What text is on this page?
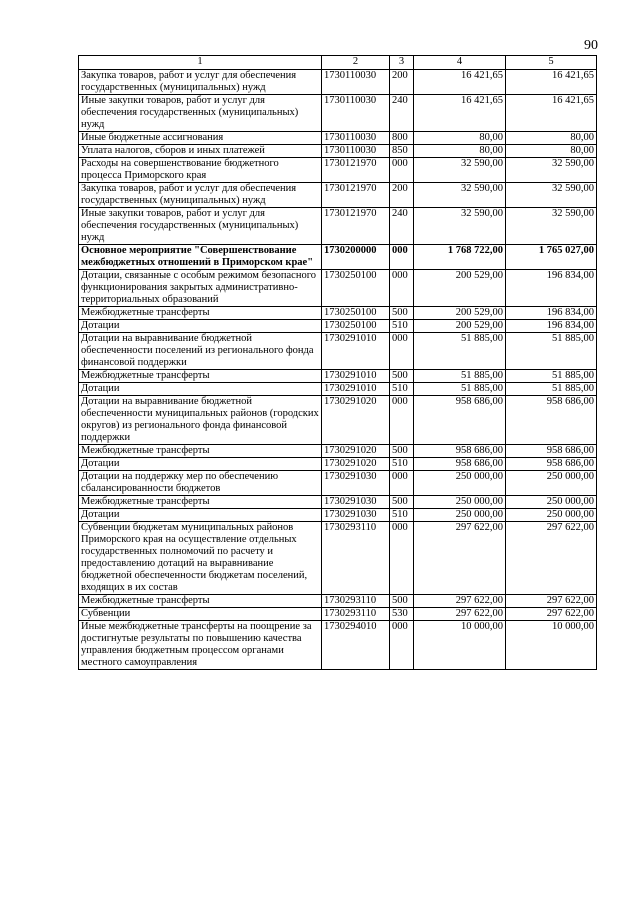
90
1	2	3	4	5
Закупка товаров, работ и услуг для обеспечения государственных (муниципальных) нужд	1730110030	200	16 421,65	16 421,65
Иные закупки товаров, работ и услуг для обеспечения государственных (муниципальных) нужд	1730110030	240	16 421,65	16 421,65
Иные бюджетные ассигнования	1730110030	800	80,00	80,00
Уплата налогов, сборов и иных платежей	1730110030	850	80,00	80,00
Расходы на совершенствование бюджетного процесса Приморского края	1730121970	000	32 590,00	32 590,00
Закупка товаров, работ и услуг для обеспечения государственных (муниципальных) нужд	1730121970	200	32 590,00	32 590,00
Иные закупки товаров, работ и услуг для обеспечения государственных (муниципальных) нужд	1730121970	240	32 590,00	32 590,00
Основное мероприятие "Совершенствование межбюджетных отношений в Приморском крае"	1730200000	000	1 768 722,00	1 765 027,00
Дотации, связанные с особым режимом безопасного функционирования закрытых административно-территориальных образований	1730250100	000	200 529,00	196 834,00
Межбюджетные трансферты	1730250100	500	200 529,00	196 834,00
Дотации	1730250100	510	200 529,00	196 834,00
Дотации на выравнивание бюджетной обеспеченности поселений из регионального фонда финансовой поддержки	1730291010	000	51 885,00	51 885,00
Межбюджетные трансферты	1730291010	500	51 885,00	51 885,00
Дотации	1730291010	510	51 885,00	51 885,00
Дотации на выравнивание бюджетной обеспеченности муниципальных районов (городских округов) из регионального фонда финансовой поддержки	1730291020	000	958 686,00	958 686,00
Межбюджетные трансферты	1730291020	500	958 686,00	958 686,00
Дотации	1730291020	510	958 686,00	958 686,00
Дотации на поддержку мер по обеспечению сбалансированности бюджетов	1730291030	000	250 000,00	250 000,00
Межбюджетные трансферты	1730291030	500	250 000,00	250 000,00
Дотации	1730291030	510	250 000,00	250 000,00
Субвенции бюджетам муниципальных районов Приморского края на осуществление отдельных государственных полномочий по расчету и предоставлению дотаций на выравнивание бюджетной обеспеченности бюджетам поселений, входящих в их состав	1730293110	000	297 622,00	297 622,00
Межбюджетные трансферты	1730293110	500	297 622,00	297 622,00
Субвенции	1730293110	530	297 622,00	297 622,00
Иные межбюджетные трансферты на поощрение за достигнутые результаты по повышению качества управления бюджетным процессом органами местного самоуправления	1730294010	000	10 000,00	10 000,00
